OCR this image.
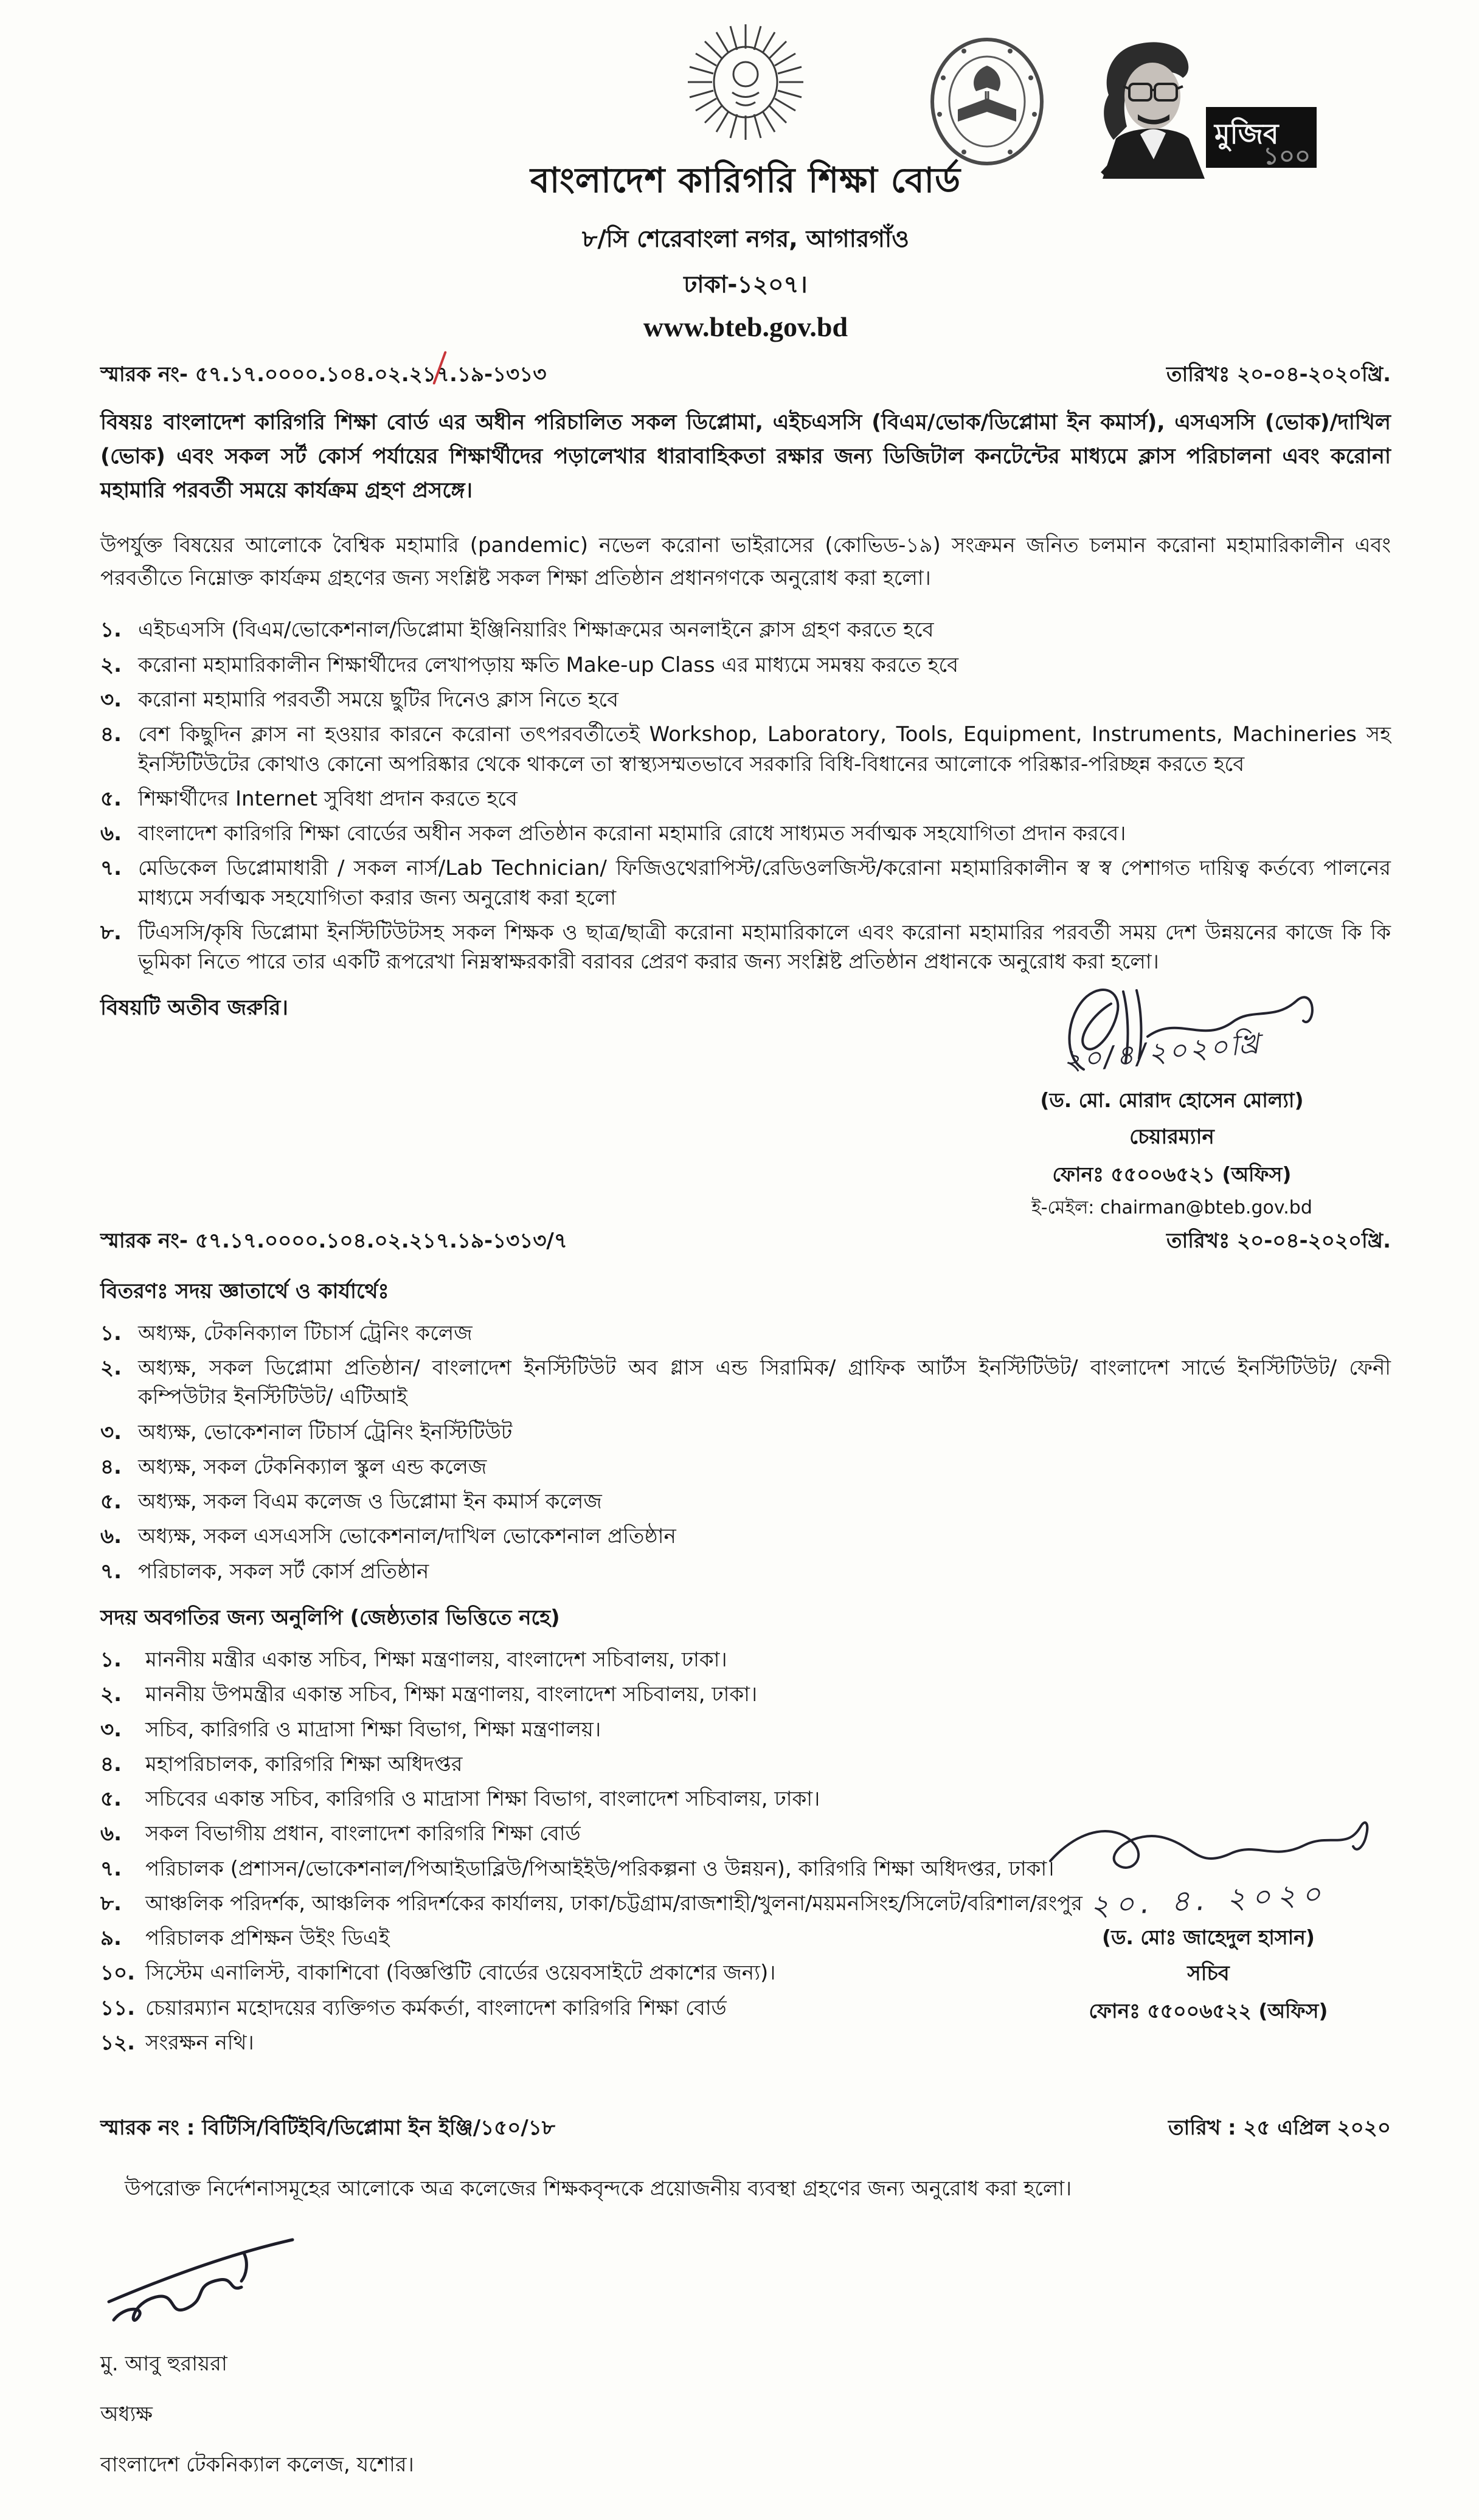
মুজিব
১০০
বাংলাদেশ কারিগরি শিক্ষা বোর্ড
৮/সি শেরেবাংলা নগর, আগারগাঁও
ঢাকা-১২০৭।
www.bteb.gov.bd
স্মারক নং- ৫৭.১৭.০০০০.১০৪.০২.২১৭.১৯-১৩১৩	তারিখঃ ২০-০৪-২০২০খ্রি.

বিষয়ঃ বাংলাদেশ কারিগরি শিক্ষা বোর্ড এর অধীন পরিচালিত সকল ডিপ্লোমা, এইচএসসি (বিএম/ভোক/ডিপ্লোমা ইন কমার্স), এসএসসি (ভোক)/দাখিল (ভোক) এবং সকল সর্ট কোর্স পর্যায়ের শিক্ষার্থীদের পড়ালেখার ধারাবাহিকতা রক্ষার জন্য ডিজিটাল কনটেন্টের মাধ্যমে ক্লাস পরিচালনা এবং করোনা মহামারি পরবর্তী সময়ে কার্যক্রম গ্রহণ প্রসঙ্গে।

উপর্যুক্ত বিষয়ের আলোকে বৈশ্বিক মহামারি (pandemic) নভেল করোনা ভাইরাসের (কোভিড-১৯) সংক্রমন জনিত চলমান করোনা মহামারিকালীন এবং পরবর্তীতে নিম্নোক্ত কার্যক্রম গ্রহণের জন্য সংশ্লিষ্ট সকল শিক্ষা প্রতিষ্ঠান প্রধানগণকে অনুরোধ করা হলো।

১. এইচএসসি (বিএম/ভোকেশনাল/ডিপ্লোমা ইঞ্জিনিয়ারিং শিক্ষাক্রমের অনলাইনে ক্লাস গ্রহণ করতে হবে
২. করোনা মহামারিকালীন শিক্ষার্থীদের লেখাপড়ায় ক্ষতি Make-up Class এর মাধ্যমে সমন্বয় করতে হবে
৩. করোনা মহামারি পরবর্তী সময়ে ছুটির দিনেও ক্লাস নিতে হবে
৪. বেশ কিছুদিন ক্লাস না হওয়ার কারনে করোনা তৎপরবর্তীতেই Workshop, Laboratory, Tools, Equipment, Instruments, Machineries সহ ইনস্টিটিউটের কোথাও কোনো অপরিষ্কার থেকে থাকলে তা স্বাস্থ্যসম্মতভাবে সরকারি বিধি-বিধানের আলোকে পরিষ্কার-পরিচ্ছন্ন করতে হবে
৫. শিক্ষার্থীদের Internet সুবিধা প্রদান করতে হবে
৬. বাংলাদেশ কারিগরি শিক্ষা বোর্ডের অধীন সকল প্রতিষ্ঠান করোনা মহামারি রোধে সাধ্যমত সর্বাত্মক সহযোগিতা প্রদান করবে।
৭. মেডিকেল ডিপ্লোমাধারী / সকল নার্স/Lab Technician/ ফিজিওথেরাপিস্ট/রেডিওলজিস্ট/করোনা মহামারিকালীন স্ব স্ব পেশাগত দায়িত্ব কর্তব্যে পালনের মাধ্যমে সর্বাত্মক সহযোগিতা করার জন্য অনুরোধ করা হলো
৮. টিএসসি/কৃষি ডিপ্লোমা ইনস্টিটিউটসহ সকল শিক্ষক ও ছাত্র/ছাত্রী করোনা মহামারিকালে এবং করোনা মহামারির পরবর্তী সময় দেশ উন্নয়নের কাজে কি কি ভূমিকা নিতে পারে তার একটি রূপরেখা নিম্নস্বাক্ষরকারী বরাবর প্রেরণ করার জন্য সংশ্লিষ্ট প্রতিষ্ঠান প্রধানকে অনুরোধ করা হলো।
বিষয়টি অতীব জরুরি।
২০/৪/২০২০খ্রি
(ড. মো. মোরাদ হোসেন মোল্যা)
চেয়ারম্যান
ফোনঃ ৫৫০০৬৫২১ (অফিস)
ই-মেইল: chairman@bteb.gov.bd
স্মারক নং- ৫৭.১৭.০০০০.১০৪.০২.২১৭.১৯-১৩১৩/৭	তারিখঃ ২০-০৪-২০২০খ্রি.
বিতরণঃ সদয় জ্ঞাতার্থে ও কার্যার্থেঃ
১. অধ্যক্ষ, টেকনিক্যাল টিচার্স ট্রেনিং কলেজ
২. অধ্যক্ষ, সকল ডিপ্লোমা প্রতিষ্ঠান/ বাংলাদেশ ইনস্টিটিউট অব গ্লাস এন্ড সিরামিক/ গ্রাফিক আর্টস ইনস্টিটিউট/ বাংলাদেশ সার্ভে ইনস্টিটিউট/ ফেনী কম্পিউটার ইনস্টিটিউট/ এটিআই
৩. অধ্যক্ষ, ভোকেশনাল টিচার্স ট্রেনিং ইনস্টিটিউট
৪. অধ্যক্ষ, সকল টেকনিক্যাল স্কুল এন্ড কলেজ
৫. অধ্যক্ষ, সকল বিএম কলেজ ও ডিপ্লোমা ইন কমার্স কলেজ
৬. অধ্যক্ষ, সকল এসএসসি ভোকেশনাল/দাখিল ভোকেশনাল প্রতিষ্ঠান
৭. পরিচালক, সকল সর্ট কোর্স প্রতিষ্ঠান
সদয় অবগতির জন্য অনুলিপি (জেষ্ঠ্যতার ভিত্তিতে নহে)
১. মাননীয় মন্ত্রীর একান্ত সচিব, শিক্ষা মন্ত্রণালয়, বাংলাদেশ সচিবালয়, ঢাকা।
২. মাননীয় উপমন্ত্রীর একান্ত সচিব, শিক্ষা মন্ত্রণালয়, বাংলাদেশ সচিবালয়, ঢাকা।
৩. সচিব, কারিগরি ও মাদ্রাসা শিক্ষা বিভাগ, শিক্ষা মন্ত্রণালয়।
৪. মহাপরিচালক, কারিগরি শিক্ষা অধিদপ্তর
৫. সচিবের একান্ত সচিব, কারিগরি ও মাদ্রাসা শিক্ষা বিভাগ, বাংলাদেশ সচিবালয়, ঢাকা।
৬. সকল বিভাগীয় প্রধান, বাংলাদেশ কারিগরি শিক্ষা বোর্ড
৭. পরিচালক (প্রশাসন/ভোকেশনাল/পিআইডাব্লিউ/পিআইইউ/পরিকল্পনা ও উন্নয়ন), কারিগরি শিক্ষা অধিদপ্তর, ঢাকা।
৮. আঞ্চলিক পরিদর্শক, আঞ্চলিক পরিদর্শকের কার্যালয়, ঢাকা/চট্টগ্রাম/রাজশাহী/খুলনা/ময়মনসিংহ/সিলেট/বরিশাল/রংপুর
৯. পরিচালক প্রশিক্ষন উইং ডিএই
১০. সিস্টেম এনালিস্ট, বাকাশিবো (বিজ্ঞপ্তিটি বোর্ডের ওয়েবসাইটে প্রকাশের জন্য)।
১১. চেয়ারম্যান মহোদয়ের ব্যক্তিগত কর্মকর্তা, বাংলাদেশ কারিগরি শিক্ষা বোর্ড
১২. সংরক্ষন নথি।
২০. ৪. ২০২০
(ড. মোঃ জাহেদুল হাসান)
সচিব
ফোনঃ ৫৫০০৬৫২২ (অফিস)
স্মারক নং : বিটিসি/বিটিইবি/ডিপ্লোমা ইন ইঞ্জি/১৫০/১৮	তারিখ : ২৫ এপ্রিল ২০২০

উপরোক্ত নির্দেশনাসমূহের আলোকে অত্র কলেজের শিক্ষকবৃন্দকে প্রয়োজনীয় ব্যবস্থা গ্রহণের জন্য অনুরোধ করা হলো।

মু. আবু হুরায়রা
অধ্যক্ষ
বাংলাদেশ টেকনিক্যাল কলেজ, যশোর।
